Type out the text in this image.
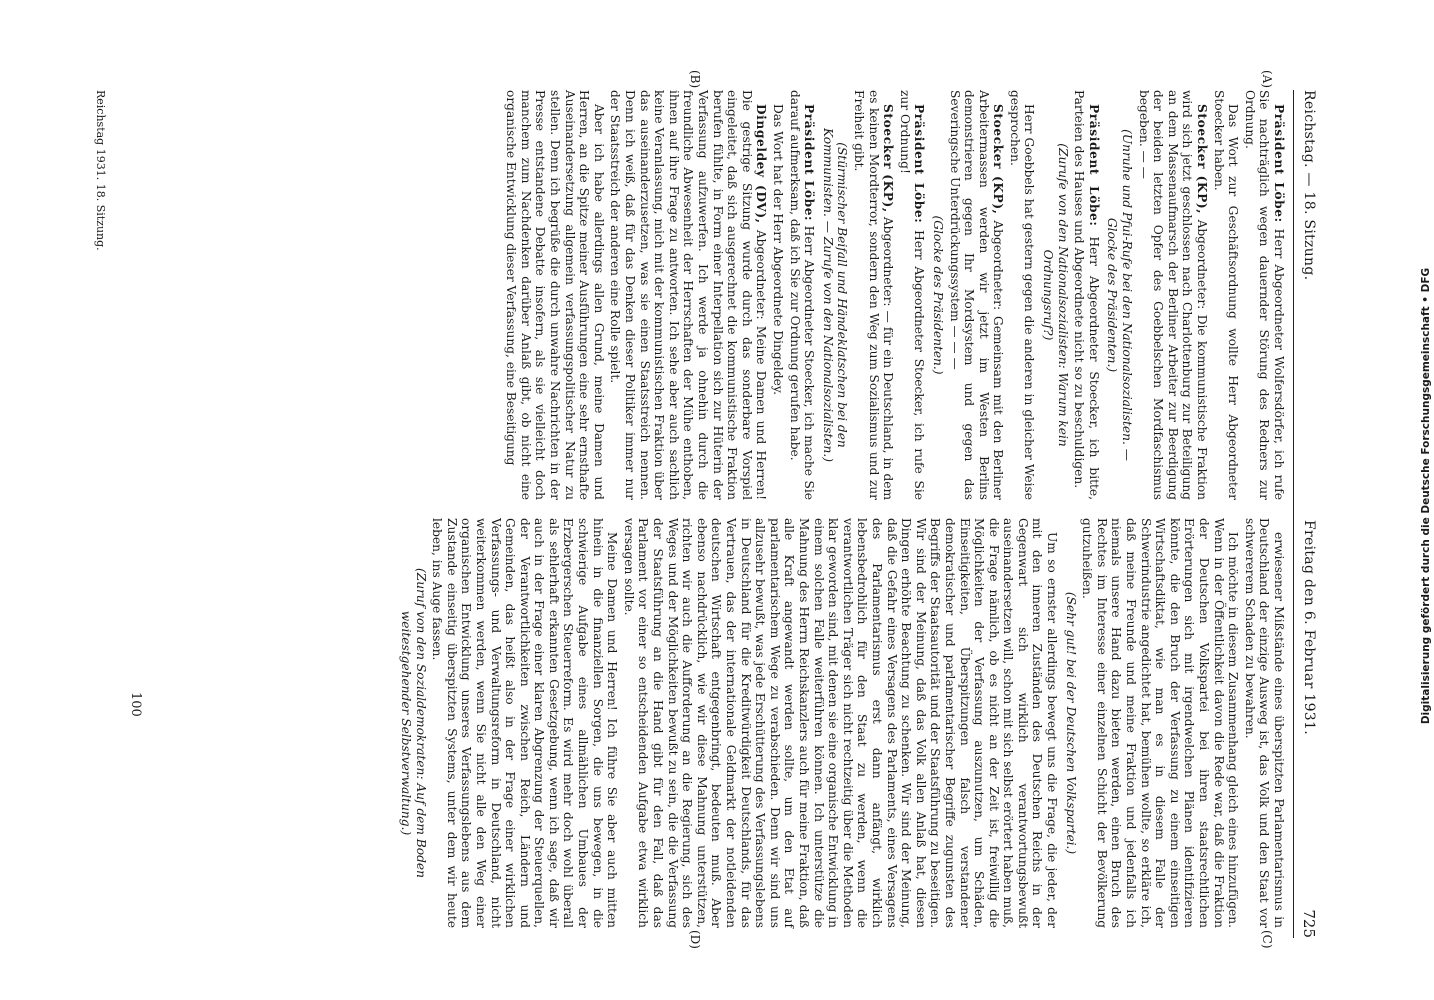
Reichstag. — 18. Sitzung.
Freitag den 6. Februar 1931.
725
(A)
(B)
(C)
(D)

Präsident Löbe: Herr Abgeordneter Wolfersdörfer, ich rufe Sie nachträglich wegen dauernder Störung des Redners zur Ordnung.

Das Wort zur Geschäftsordnung wollte Herr Abgeordneter Stoecker haben.

Stoecker (KP), Abgeordneter: Die kommunistische Fraktion wird sich jetzt geschlossen nach Charlottenburg zur Beteiligung an dem Massenaufmarsch der Berliner Arbeiter zur Beerdigung der beiden letzten Opfer des Goebbelschen Mordfaschismus begeben. — —

(Unruhe und Pfui-Rufe bei den Nationalsozialisten. — Glocke des Präsidenten.)

Präsident Löbe: Herr Abgeordneter Stoecker, ich bitte, Parteien des Hauses und Abgeordnete nicht so zu beschuldigen.

(Zurufe von den Nationalsozialisten: Warum kein Ordnungsruf?)

Herr Goebbels hat gestern gegen die anderen in gleicher Weise gesprochen.

Stoecker (KP), Abgeordneter: Gemeinsam mit den Berliner Arbeitermassen werden wir jetzt im Westen Berlins demonstrieren gegen Ihr Mordsystem und gegen das Severingsche Unterdrückungssystem — — —

(Glocke des Präsidenten.)

Präsident Löbe: Herr Abgeordneter Stoecker, ich rufe Sie zur Ordnung!

Stoecker (KP), Abgeordneter: — für ein Deutschland, in dem es keinen Mordterror, sondern den Weg zum Sozialismus und zur Freiheit gibt.

(Stürmischer Beifall und Händeklatschen bei den Kommunisten. — Zurufe von den Nationalsozialisten.)

Präsident Löbe: Herr Abgeordneter Stoecker, ich mache Sie darauf aufmerksam, daß ich Sie zur Ordnung gerufen habe.

Das Wort hat der Herr Abgeordnete Dingeldey.

Dingeldey (DV), Abgeordneter: Meine Damen und Herren! Die gestrige Sitzung wurde durch das sonderbare Vorspiel eingeleitet, daß sich ausgerechnet die kommunistische Fraktion berufen fühlte, in Form einer Interpellation sich zur Hüterin der Verfassung aufzuwerfen. Ich werde ja ohnehin durch die freundliche Abwesenheit der Herrschaften der Mühe enthoben, ihnen auf ihre Frage zu antworten. Ich sehe aber auch sachlich keine Veranlassung, mich mit der kommunistischen Fraktion über das auseinanderzusetzen, was sie einen Staatsstreich nennen. Denn ich weiß, daß für das Denken dieser Politiker immer nur der Staatsstreich der anderen eine Rolle spielt.

Aber ich habe allerdings allen Grund, meine Damen und Herren, an die Spitze meiner Ausführungen eine sehr ernsthafte Auseinandersetzung allgemein verfassungspolitischer Natur zu stellen. Denn ich begrüße die durch unwahre Nachrichten in der Presse entstandene Debatte insofern, als sie vielleicht doch manchem zum Nachdenken darüber Anlaß gibt, ob nicht eine organische Entwicklung dieser Verfassung, eine Beseitigung

erwiesener Mißstände eines überspitzten Parlamentarismus in Deutschland der einzige Ausweg ist, das Volk und den Staat vor schwererem Schaden zu bewahren.

Ich möchte in diesem Zusammenhang gleich eines hinzufügen. Wenn in der Öffentlichkeit davon die Rede war, daß die Fraktion der Deutschen Volkspartei bei ihren staatsrechtlichen Erörterungen sich mit irgendwelchen Plänen identifizieren könnte, die den Bruch der Verfassung zu einem einseitigen Wirtschaftsdiktat, wie man es in diesem Falle der Schwerindustrie angedichtet hat, bemühen wollte, so erkläre ich, daß meine Freunde und meine Fraktion und jedenfalls ich niemals unsere Hand dazu bieten werden, einen Bruch des Rechtes im Interesse einer einzelnen Schicht der Bevölkerung gutzuheißen.

(Sehr gut! bei der Deutschen Volkspartei.)

Um so ernster allerdings bewegt uns die Frage, die jeder, der mit den inneren Zuständen des Deutschen Reichs in der Gegenwart sich wirklich verantwortungsbewußt auseinandersetzen will, schon mit sich selbst erörtert haben muß, die Frage nämlich, ob es nicht an der Zeit ist, freiwillig die Möglichkeiten der Verfassung auszunutzen, um Schäden, Einseitigkeiten, Überspitzungen falsch verstandener demokratischer und parlamentarischer Begriffe zugunsten des Begriffs der Staatsautorität und der Staatsführung zu beseitigen. Wir sind der Meinung, daß das Volk allen Anlaß hat, diesen Dingen erhöhte Beachtung zu schenken. Wir sind der Meinung, daß die Gefahr eines Versagens des Parlaments, eines Versagens des Parlamentarismus erst dann anfängt, wirklich lebensbedrohlich für den Staat zu werden, wenn die verantwortlichen Träger sich nicht rechtzeitig über die Methoden klar geworden sind, mit denen sie eine organische Entwicklung in einem solchen Falle weiterführen können. Ich unterstütze die Mahnung des Herrn Reichskanzlers auch für meine Fraktion, daß alle Kraft angewandt werden sollte, um den Etat auf parlamentarischem Wege zu verabschieden. Denn wir sind uns allzusehr bewußt, was jede Erschütterung des Verfassungslebens in Deutschland für die Kreditwürdigkeit Deutschlands, für das Vertrauen, das der internationale Geldmarkt der notleidenden deutschen Wirtschaft entgegenbringt, bedeuten muß. Aber ebenso nachdrücklich, wie wir diese Mahnung unterstützen, richten wir auch die Aufforderung an die Regierung, sich des Weges und der Möglichkeiten bewußt zu sein, die die Verfassung der Staatsführung an die Hand gibt für den Fall, daß das Parlament vor einer so entscheidenden Aufgabe etwa wirklich versagen sollte.

Meine Damen und Herren! Ich führe Sie aber auch mitten hinein in die finanziellen Sorgen, die uns bewegen, in die schwierige Aufgabe eines allmählichen Umbaues der Erzbergerschen Steuerreform. Es wird mehr doch wohl überall als sehlerhaft erkannten Gesetzgebung, wenn ich sage, daß wir auch in der Frage einer klaren Abgrenzung der Steuerquellen, der Verantwortlichkeiten zwischen Reich, Ländern und Gemeinden, das heißt also in der Frage einer wirklichen Verfassungs- und Verwaltungsreform in Deutschland, nicht weiterkommen werden, wenn Sie nicht alle den Weg einer organischen Entwicklung unseres Verfassungslebens aus dem Zustande einseitig überspitzten Systems, unter dem wir heute leben, ins Auge fassen.

(Zuruf von den Sozialdemokraten: Auf dem Boden weitestgehender Selbstverwaltung.)

Reichstag 1931. 18. Sitzung.
100	Digitalisierung gefördert durch die Deutsche Forschungsgemeinschaft • DFG
